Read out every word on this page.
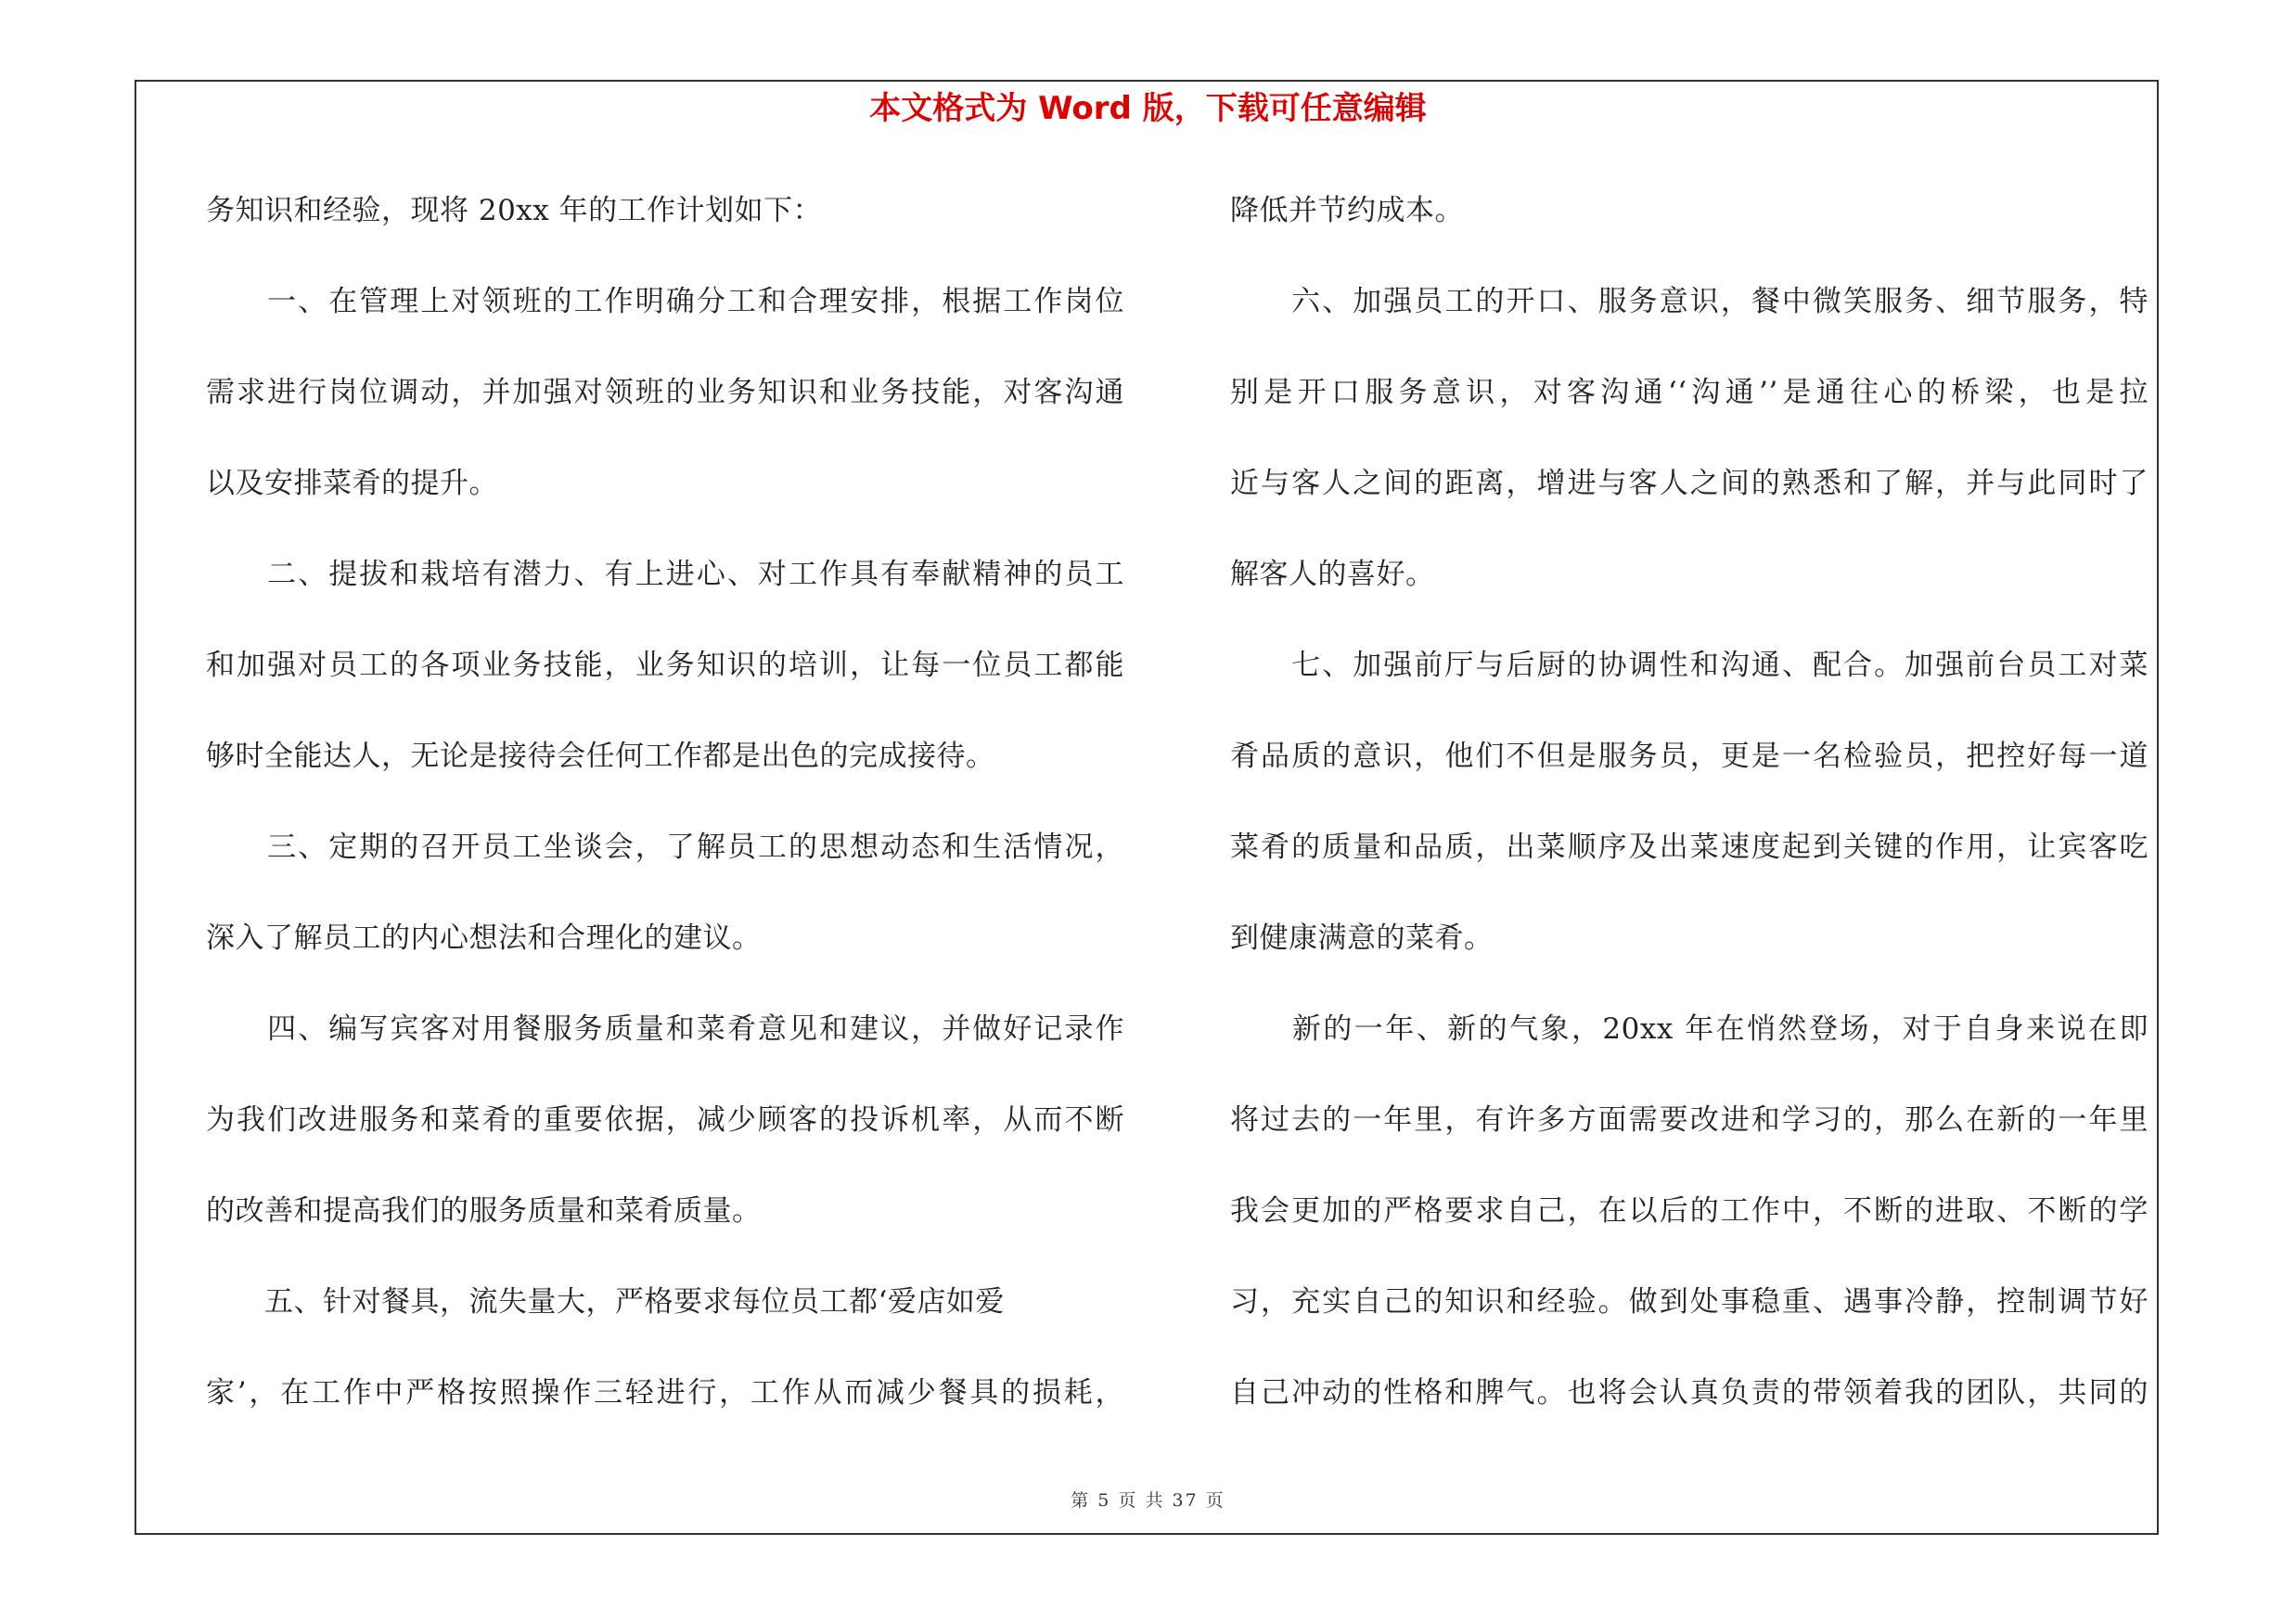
本文格式为 Word 版，下载可任意编辑
务知识和经验，现将 20xx 年的工作计划如下：
　　一、在管理上对领班的工作明确分工和合理安排，根据工作岗位
需求进行岗位调动，并加强对领班的业务知识和业务技能，对客沟通
以及安排菜肴的提升。
　　二、提拔和栽培有潜力、有上进心、对工作具有奉献精神的员工
和加强对员工的各项业务技能，业务知识的培训，让每一位员工都能
够时全能达人，无论是接待会任何工作都是出色的完成接待。
　　三、定期的召开员工坐谈会，了解员工的思想动态和生活情况，
深入了解员工的内心想法和合理化的建议。
　　四、编写宾客对用餐服务质量和菜肴意见和建议，并做好记录作
为我们改进服务和菜肴的重要依据，减少顾客的投诉机率，从而不断
的改善和提高我们的服务质量和菜肴质量。
　　五、针对餐具，流失量大，严格要求每位员工都‘爱店如爱
家’，在工作中严格按照操作三轻进行，工作从而减少餐具的损耗，
降低并节约成本。
　　六、加强员工的开口、服务意识，餐中微笑服务、细节服务，特
别是开口服务意识，对客沟通‘‘沟通’’是通往心的桥梁，也是拉
近与客人之间的距离，增进与客人之间的熟悉和了解，并与此同时了
解客人的喜好。
　　七、加强前厅与后厨的协调性和沟通、配合。加强前台员工对菜
肴品质的意识，他们不但是服务员，更是一名检验员，把控好每一道
菜肴的质量和品质，出菜顺序及出菜速度起到关键的作用，让宾客吃
到健康满意的菜肴。
　　新的一年、新的气象，20xx 年在悄然登场，对于自身来说在即
将过去的一年里，有许多方面需要改进和学习的，那么在新的一年里
我会更加的严格要求自己，在以后的工作中，不断的进取、不断的学
习，充实自己的知识和经验。做到处事稳重、遇事冷静，控制调节好
自己冲动的性格和脾气。也将会认真负责的带领着我的团队，共同的
第 5 页 共 37 页
